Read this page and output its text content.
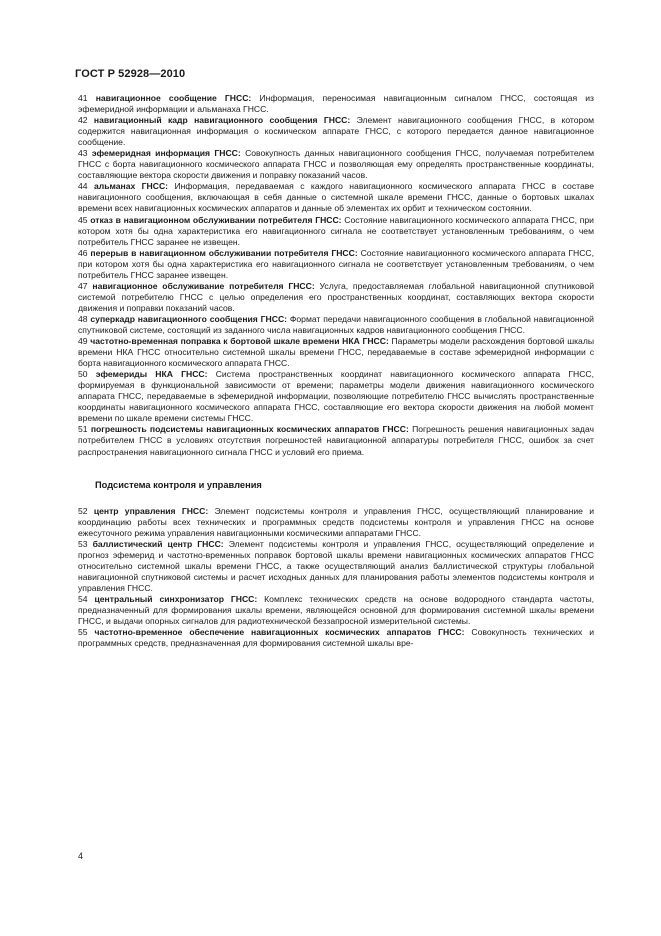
ГОСТ Р 52928—2010

41 навигационное сообщение ГНСС: Информация, переносимая навигационным сигналом ГНСС, состоящая из эфемеридной информации и альманаха ГНСС.

42 навигационный кадр навигационного сообщения ГНСС: Элемент навигационного сообщения ГНСС, в котором содержится навигационная информация о космическом аппарате ГНСС, с которого передается данное навигационное сообщение.

43 эфемеридная информация ГНСС: Совокупность данных навигационного сообщения ГНСС, получаемая потребителем ГНСС с борта навигационного космического аппарата ГНСС и позволяющая ему определять пространственные координаты, составляющие вектора скорости движения и поправку показаний часов.

44 альманах ГНСС: Информация, передаваемая с каждого навигационного космического аппарата ГНСС в составе навигационного сообщения, включающая в себя данные о системной шкале времени ГНСС, данные о бортовых шкалах времени всех навигационных космических аппаратов и данные об элементах их орбит и техническом состоянии.

45 отказ в навигационном обслуживании потребителя ГНСС: Состояние навигационного космического аппарата ГНСС, при котором хотя бы одна характеристика его навигационного сигнала не соответствует установленным требованиям, о чем потребитель ГНСС заранее не извещен.

46 перерыв в навигационном обслуживании потребителя ГНСС: Состояние навигационного космического аппарата ГНСС, при котором хотя бы одна характеристика его навигационного сигнала не соответствует установленным требованиям, о чем потребитель ГНСС заранее извещен.

47 навигационное обслуживание потребителя ГНСС: Услуга, предоставляемая глобальной навигационной спутниковой системой потребителю ГНСС с целью определения его пространственных координат, составляющих вектора скорости движения и поправки показаний часов.

48 суперкадр навигационного сообщения ГНСС: Формат передачи навигационного сообщения в глобальной навигационной спутниковой системе, состоящий из заданного числа навигационных кадров навигационного сообщения ГНСС.

49 частотно-временная поправка к бортовой шкале времени НКА ГНСС: Параметры модели расхождения бортовой шкалы времени НКА ГНСС относительно системной шкалы времени ГНСС, передаваемые в составе эфемеридной информации с борта навигационного космического аппарата ГНСС.

50 эфемериды НКА ГНСС: Система пространственных координат навигационного космического аппарата ГНСС, формируемая в функциональной зависимости от времени; параметры модели движения навигационного космического аппарата ГНСС, передаваемые в эфемеридной информации, позволяющие потребителю ГНСС вычислять пространственные координаты навигационного космического аппарата ГНСС, составляющие его вектора скорости движения на любой момент времени по шкале времени системы ГНСС.

51 погрешность подсистемы навигационных космических аппаратов ГНСС: Погрешность решения навигационных задач потребителем ГНСС в условиях отсутствия погрешностей навигационной аппаратуры потребителя ГНСС, ошибок за счет распространения навигационного сигнала ГНСС и условий его приема.

Подсистема контроля и управления

52 центр управления ГНСС: Элемент подсистемы контроля и управления ГНСС, осуществляющий планирование и координацию работы всех технических и программных средств подсистемы контроля и управления ГНСС на основе ежесуточного режима управления навигационными космическими аппаратами ГНСС.

53 баллистический центр ГНСС: Элемент подсистемы контроля и управления ГНСС, осуществляющий определение и прогноз эфемерид и частотно-временных поправок бортовой шкалы времени навигационных космических аппаратов ГНСС относительно системной шкалы времени ГНСС, а также осуществляющий анализ баллистической структуры глобальной навигационной спутниковой системы и расчет исходных данных для планирования работы элементов подсистемы контроля и управления ГНСС.

54 центральный синхронизатор ГНСС: Комплекс технических средств на основе водородного стандарта частоты, предназначенный для формирования шкалы времени, являющейся основной для формирования системной шкалы времени ГНСС, и выдачи опорных сигналов для радиотехнической беззапросной измерительной системы.

55 частотно-временное обеспечение навигационных космических аппаратов ГНСС: Совокупность технических и программных средств, предназначенная для формирования системной шкалы вре-

4
